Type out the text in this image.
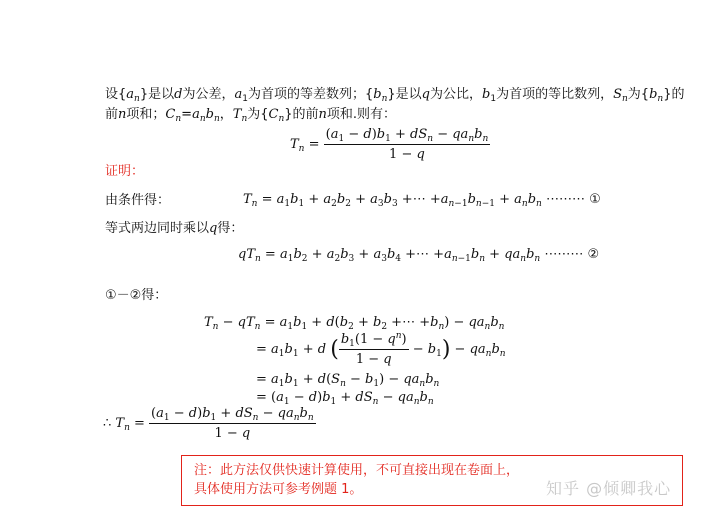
设$\{a_n\}$是以d为公差，$a_1$为首项的等差数列；$\{b_n\}$是以q为公比，$b_1$为首项的等比数列，$S_n$为$\{b_n\}$的
前n项和；$C_n=a_nb_n$，$T_n$为$\{C_n\}$的前n项和.则有：
$T_n = \frac{(a_1 - d)b_1 + dS_n - qa_nb_n}{1 - q}$
证明：
由条件得：	$T_n = a_1b_1 + a_2b_2 + a_3b_3$ +⋯ $+a_{n-1}b_{n-1} + a_nb_n$ ⋯⋯⋯ ①
等式两边同时乘以q得：
$qT_n = a_1b_2 + a_2b_3 + a_3b_4$ +⋯ $+a_{n-1}b_n + qa_nb_n$ ⋯⋯⋯ ②
①－②得：
$T_n - qT_n = a_1b_1 + d(b_2 + b_2$ +⋯ $+b_n) - qa_nb_n$
= $a_1b_1 + d$ ( $\frac{b_1(1 - q^n)}{1 - q} - b_1) - qa_nb_n$
= $a_1b_1 + d(S_n - b_1) - qa_nb_n$
= $(a_1 - d)b_1 + dS_n - qa_nb_n$
∴ $T_n = \frac{(a_1 - d)b_1 + dS_n - qa_nb_n}{1 - q}$
注：此方法仅供快速计算使用，不可直接出现在卷面上，具体使用方法可参考例题 1。	知乎 @倾卿我心
